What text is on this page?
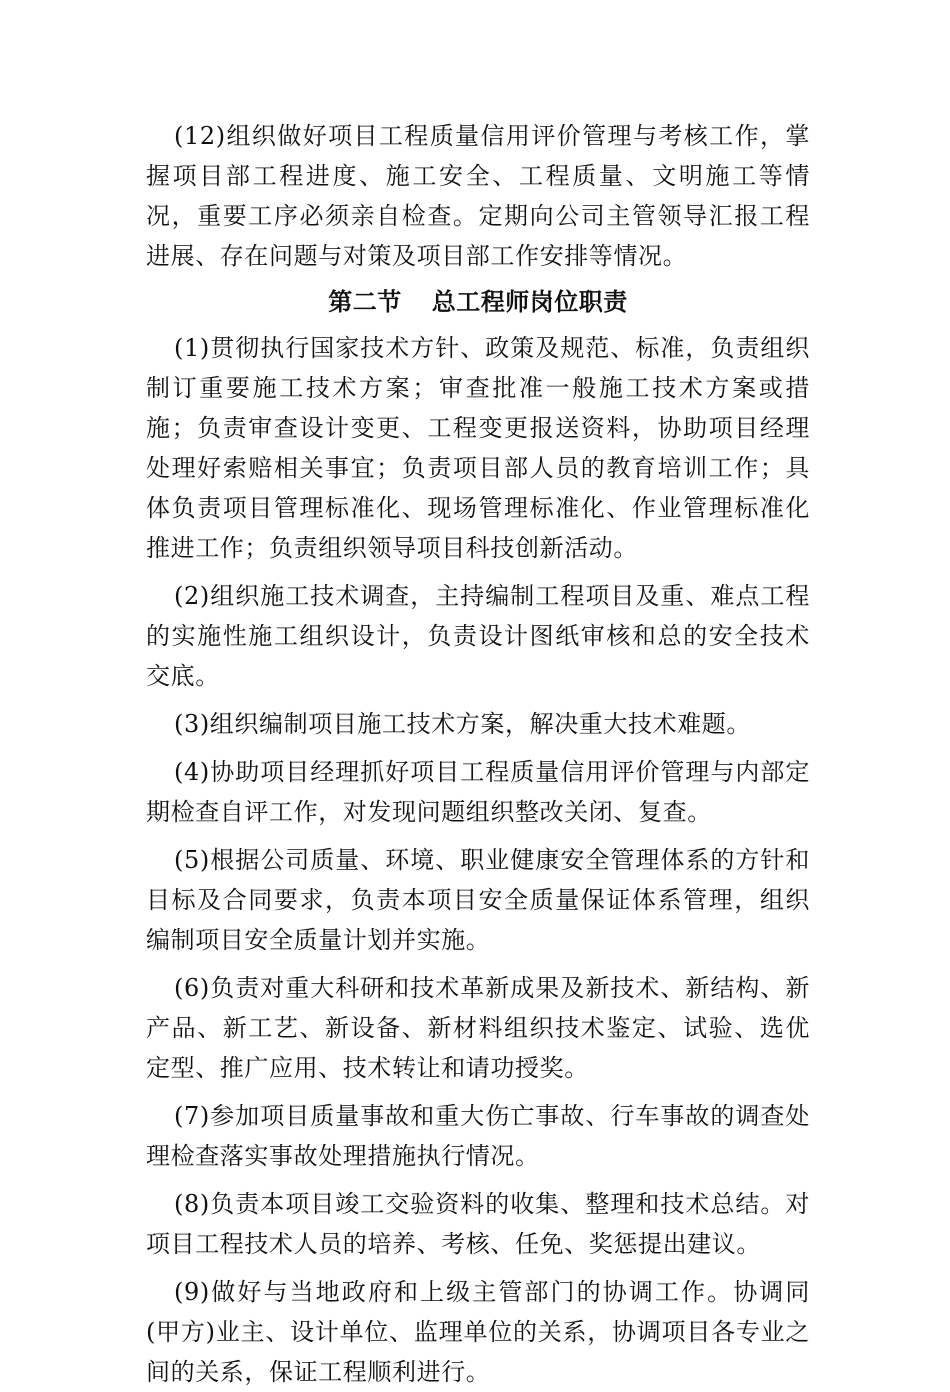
(12)组织做好项目工程质量信用评价管理与考核工作，掌握项目部工程进度、施工安全、工程质量、文明施工等情况，重要工序必须亲自检查。定期向公司主管领导汇报工程进展、存在问题与对策及项目部工作安排等情况。

第二节 总工程师岗位职责

(1)贯彻执行国家技术方针、政策及规范、标准，负责组织制订重要施工技术方案；审查批准一般施工技术方案或措施；负责审查设计变更、工程变更报送资料，协助项目经理处理好索赔相关事宜；负责项目部人员的教育培训工作；具体负责项目管理标准化、现场管理标准化、作业管理标准化推进工作；负责组织领导项目科技创新活动。

(2)组织施工技术调查，主持编制工程项目及重、难点工程的实施性施工组织设计，负责设计图纸审核和总的安全技术交底。

(3)组织编制项目施工技术方案，解决重大技术难题。

(4)协助项目经理抓好项目工程质量信用评价管理与内部定期检查自评工作，对发现问题组织整改关闭、复查。

(5)根据公司质量、环境、职业健康安全管理体系的方针和目标及合同要求，负责本项目安全质量保证体系管理，组织编制项目安全质量计划并实施。

(6)负责对重大科研和技术革新成果及新技术、新结构、新产品、新工艺、新设备、新材料组织技术鉴定、试验、选优定型、推广应用、技术转让和请功授奖。

(7)参加项目质量事故和重大伤亡事故、行车事故的调查处理检查落实事故处理措施执行情况。

(8)负责本项目竣工交验资料的收集、整理和技术总结。对项目工程技术人员的培养、考核、任免、奖惩提出建议。

(9)做好与当地政府和上级主管部门的协调工作。协调同(甲方)业主、设计单位、监理单位的关系，协调项目各专业之间的关系，保证工程顺利进行。
